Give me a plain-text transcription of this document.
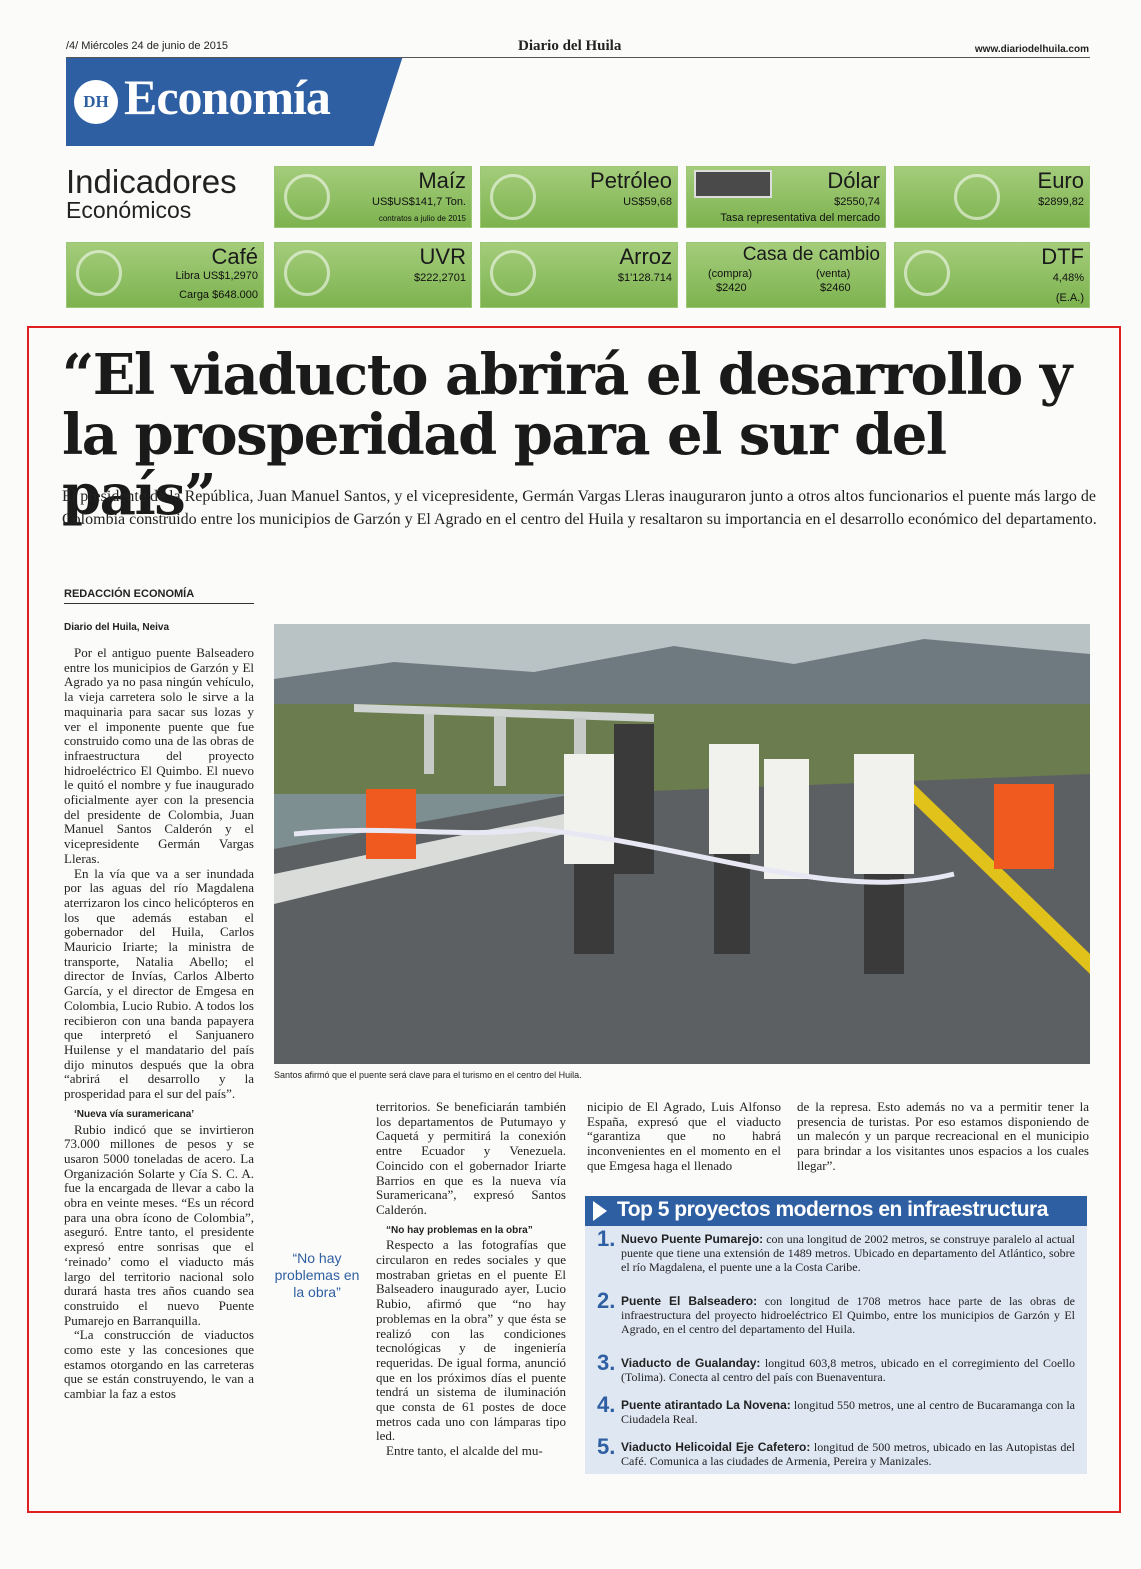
/4/ Miércoles 24 de junio de 2015	Diario del Huila	www.diariodelhuila.com
DH Economía
Indicadores
Económicos
Maíz
US$US$141,7 Ton.
contratos a julio de 2015
Petróleo
US$59,68
Dólar
$2550,74
Tasa representativa del mercado
Euro
$2899,82
Café
Libra US$1,2970
Carga $648.000
UVR
$222,2701
Arroz
$1'128.714
Casa de cambio
(compra)
$2420
(venta)
$2460
DTF
4,48%
(E.A.)
“El viaducto abrirá el desarrollo y la prosperidad para el sur del país”
El presidente de la República, Juan Manuel Santos, y el vicepresidente, Germán Vargas Lleras inauguraron junto a otros altos funcionarios el puente más largo de Colombia construido entre los municipios de Garzón y El Agrado en el centro del Huila y resaltaron su importancia en el desarrollo económico del departamento.
REDACCIÓN ECONOMÍA
Diario del Huila, Neiva

Por el antiguo puente Balseadero entre los municipios de Garzón y El Agrado ya no pasa ningún vehículo, la vieja carretera solo le sirve a la maquinaria para sacar sus lozas y ver el imponente puente que fue construido como una de las obras de infraestructura del proyecto hidroeléctrico El Quimbo. El nuevo le quitó el nombre y fue inaugurado oficialmente ayer con la presencia del presidente de Colombia, Juan Manuel Santos Calderón y el vicepresidente Germán Vargas Lleras.

En la vía que va a ser inundada por las aguas del río Magdalena aterrizaron los cinco helicópteros en los que además estaban el gobernador del Huila, Carlos Mauricio Iriarte; la ministra de transporte, Natalia Abello; el director de Invías, Carlos Alberto García, y el director de Emgesa en Colombia, Lucio Rubio. A todos los recibieron con una banda papayera que interpretó el Sanjuanero Huilense y el mandatario del país dijo minutos después que la obra “abrirá el desarrollo y la prosperidad para el sur del país”.

‘Nueva vía suramericana’

Rubio indicó que se invirtieron 73.000 millones de pesos y se usaron 5000 toneladas de acero. La Organización Solarte y Cía S. C. A. fue la encargada de llevar a cabo la obra en veinte meses. “Es un récord para una obra ícono de Colombia”, aseguró. Entre tanto, el presidente expresó entre sonrisas que el ‘reinado’ como el viaducto más largo del territorio nacional solo durará hasta tres años cuando sea construido el nuevo Puente Pumarejo en Barranquilla.

“La construcción de viaductos como este y las concesiones que estamos otorgando en las carreteras que se están construyendo, le van a cambiar la faz a estos

Santos afirmó que el puente será clave para el turismo en el centro del Huila.
“No hay problemas en la obra”

territorios. Se beneficiarán también los departamentos de Putumayo y Caquetá y permitirá la conexión entre Ecuador y Venezuela. Coincido con el gobernador Iriarte Barrios en que es la nueva vía Suramericana”, expresó Santos Calderón.

“No hay problemas en la obra”

Respecto a las fotografías que circularon en redes sociales y que mostraban grietas en el puente El Balseadero inaugurado ayer, Lucio Rubio, afirmó que “no hay problemas en la obra” y que ésta se realizó con las condiciones tecnológicas y de ingeniería requeridas. De igual forma, anunció que en los próximos días el puente tendrá un sistema de iluminación que consta de 61 postes de doce metros cada uno con lámparas tipo led.

Entre tanto, el alcalde del mu-

nicipio de El Agrado, Luis Alfonso España, expresó que el viaducto “garantiza que no habrá inconvenientes en el momento en el que Emgesa haga el llenado

de la represa. Esto además no va a permitir tener la presencia de turistas. Por eso estamos disponiendo de un malecón y un parque recreacional en el municipio para brindar a los visitantes unos espacios a los cuales llegar”.

Top 5 proyectos modernos en infraestructura
1. Nuevo Puente Pumarejo: con una longitud de 2002 metros, se construye paralelo al actual puente que tiene una extensión de 1489 metros. Ubicado en departamento del Atlántico, sobre el río Magdalena, el puente une a la Costa Caribe.
2. Puente El Balseadero: con longitud de 1708 metros hace parte de las obras de infraestructura del proyecto hidroeléctrico El Quimbo, entre los municipios de Garzón y El Agrado, en el centro del departamento del Huila.
3. Viaducto de Gualanday: longitud 603,8 metros, ubicado en el corregimiento del Coello (Tolima). Conecta al centro del país con Buenaventura.
4. Puente atirantado La Novena: longitud 550 metros, une al centro de Bucaramanga con la Ciudadela Real.
5. Viaducto Helicoidal Eje Cafetero: longitud de 500 metros, ubicado en las Autopistas del Café. Comunica a las ciudades de Armenia, Pereira y Manizales.
